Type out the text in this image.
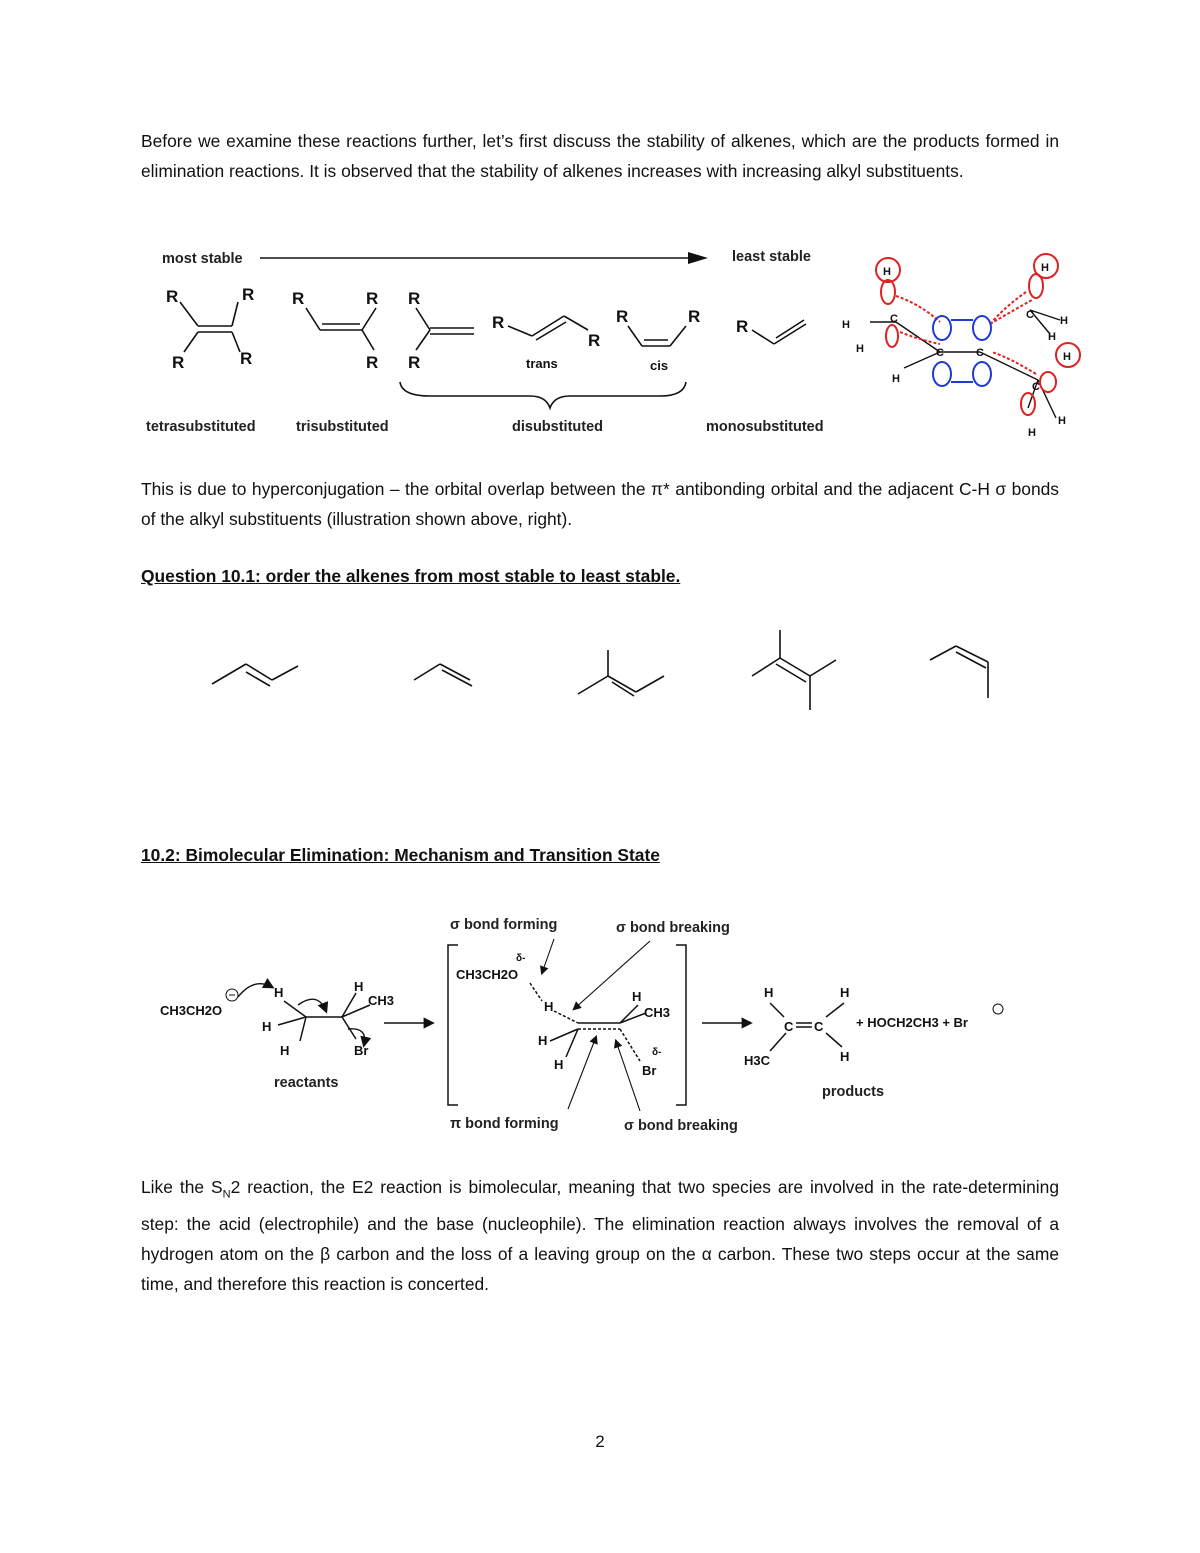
Before we examine these reactions further, let’s first discuss the stability of alkenes, which are the products formed in elimination reactions. It is observed that the stability of alkenes increases with increasing alkyl substituents.

most stable	least stable
R	R
R	R
R	R
R
R
R
R
R
trans
R	R
cis
R
tetrasubstituted	trisubstituted	disubstituted	monosubstituted
H	H
H
H
H
H
H
H
H
H
C
C	C
C
C

This is due to hyperconjugation – the orbital overlap between the π* antibonding orbital and the adjacent C-H σ bonds of the alkyl substituents (illustration shown above, right).

Question 10.1: order the alkenes from most stable to least stable.
10.2: Bimolecular Elimination: Mechanism and Transition State
σ bond forming	σ bond breaking
π bond forming	σ bond breaking
CH3CH2O
H
H
H
H
CH3
Br
reactants
CH3CH2O
δ-
H
H
H
H
CH3
Br
δ-
H	H
C C
H3C	H
+ HOCH2CH3 + Br
products

Like the $S_N2$ reaction, the E2 reaction is bimolecular, meaning that two species are involved in the rate-determining step: the acid (electrophile) and the base (nucleophile). The elimination reaction always involves the removal of a hydrogen atom on the β carbon and the loss of a leaving group on the α carbon. These two steps occur at the same time, and therefore this reaction is concerted.

2
